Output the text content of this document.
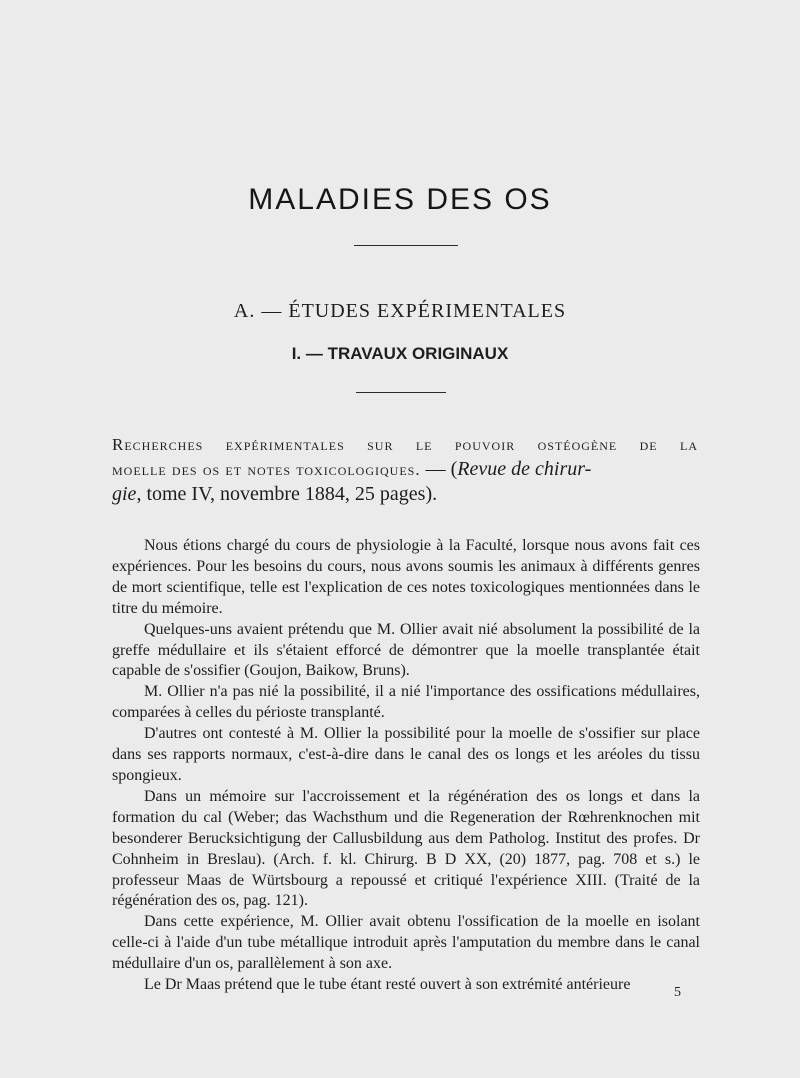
MALADIES DES OS
A. — ÉTUDES EXPÉRIMENTALES
I. — TRAVAUX ORIGINAUX
Recherches expérimentales sur le pouvoir ostéogène de la
moelle des os et notes toxicologiques. — (Revue de chirur-
gie, tome IV, novembre 1884, 25 pages).

Nous étions chargé du cours de physiologie à la Faculté, lorsque nous avons fait ces expériences. Pour les besoins du cours, nous avons soumis les animaux à différents genres de mort scientifique, telle est l'explication de ces notes toxicologiques mentionnées dans le titre du mémoire.

Quelques-uns avaient prétendu que M. Ollier avait nié absolument la possibilité de la greffe médullaire et ils s'étaient efforcé de démontrer que la moelle transplantée était capable de s'ossifier (Goujon, Baikow, Bruns).

M. Ollier n'a pas nié la possibilité, il a nié l'importance des ossifications médullaires, comparées à celles du périoste transplanté.

D'autres ont contesté à M. Ollier la possibilité pour la moelle de s'ossifier sur place dans ses rapports normaux, c'est-à-dire dans le canal des os longs et les aréoles du tissu spongieux.

Dans un mémoire sur l'accroissement et la régénération des os longs et dans la formation du cal (Weber; das Wachsthum und die Regeneration der Rœhrenknochen mit besonderer Berucksichtigung der Callusbildung aus dem Patholog. Institut des profes. Dr Cohnheim in Breslau). (Arch. f. kl. Chirurg. B D XX, (20) 1877, pag. 708 et s.) le professeur Maas de Würtsbourg a repoussé et critiqué l'expérience XIII. (Traité de la régénération des os, pag. 121).

Dans cette expérience, M. Ollier avait obtenu l'ossification de la moelle en isolant celle-ci à l'aide d'un tube métallique introduit après l'amputation du membre dans le canal médullaire d'un os, parallèlement à son axe.

Le Dr Maas prétend que le tube étant resté ouvert à son extrémité antérieure	5
